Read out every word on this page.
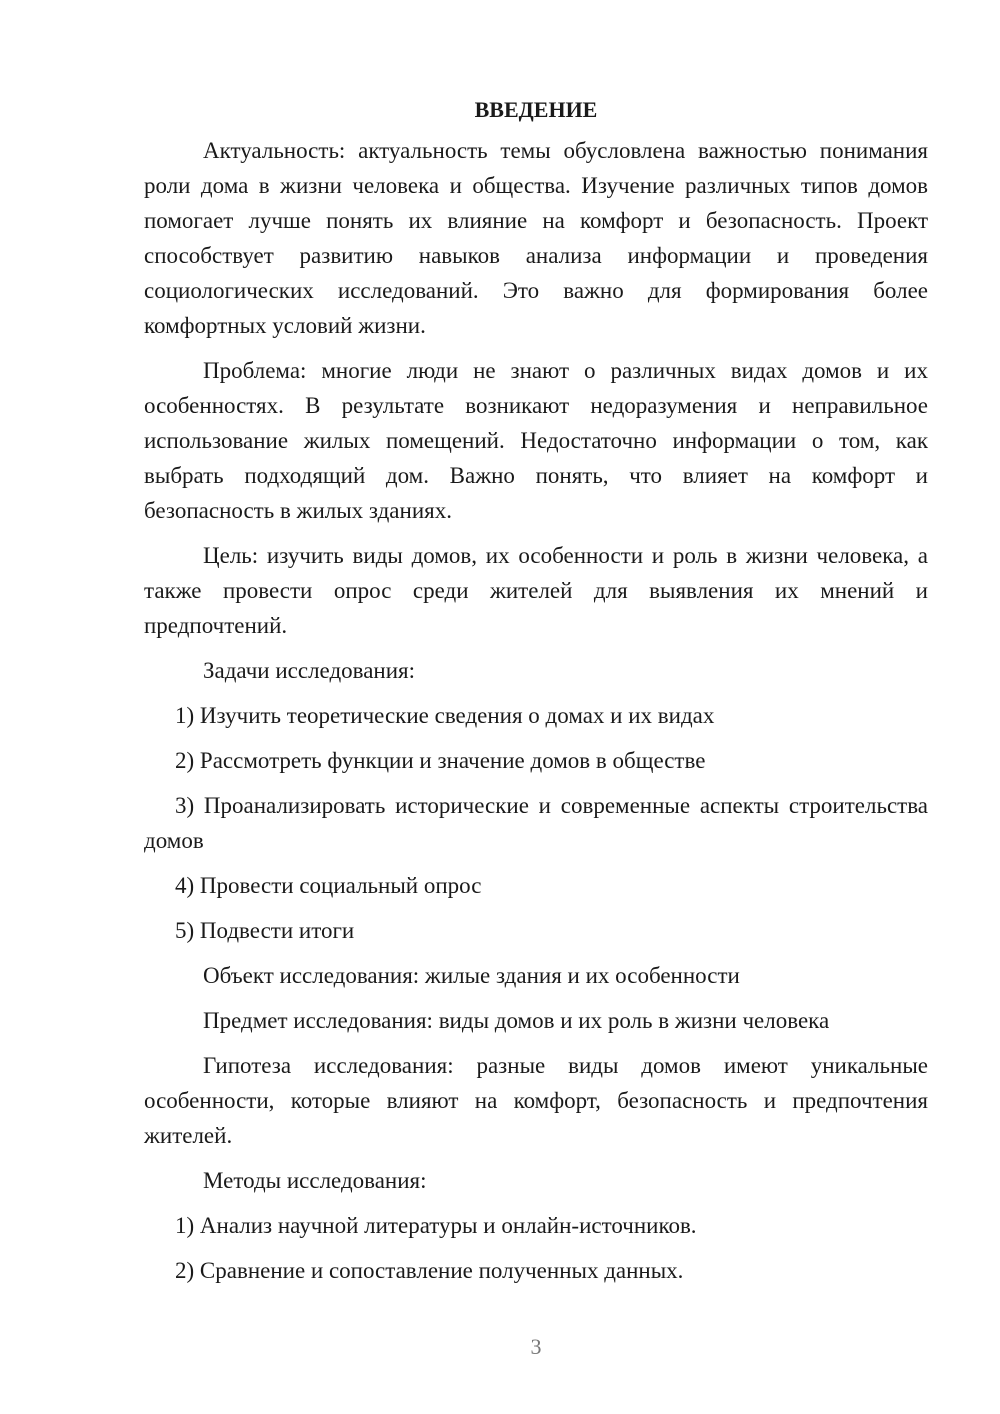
ВВЕДЕНИЕ

Актуальность: актуальность темы обусловлена важностью понимания роли дома в жизни человека и общества. Изучение различных типов домов помогает лучше понять их влияние на комфорт и безопасность. Проект способствует развитию навыков анализа информации и проведения социологических исследований. Это важно для формирования более комфортных условий жизни.

Проблема: многие люди не знают о различных видах домов и их особенностях. В результате возникают недоразумения и неправильное использование жилых помещений. Недостаточно информации о том, как выбрать подходящий дом. Важно понять, что влияет на комфорт и безопасность в жилых зданиях.

Цель: изучить виды домов, их особенности и роль в жизни человека, а также провести опрос среди жителей для выявления их мнений и предпочтений.

Задачи исследования:

1) Изучить теоретические сведения о домах и их видах

2) Рассмотреть функции и значение домов в обществе

3) Проанализировать исторические и современные аспекты строительства домов

4) Провести социальный опрос

5) Подвести итоги

Объект исследования: жилые здания и их особенности

Предмет исследования: виды домов и их роль в жизни человека

Гипотеза исследования: разные виды домов имеют уникальные особенности, которые влияют на комфорт, безопасность и предпочтения жителей.

Методы исследования:

1) Анализ научной литературы и онлайн-источников.

2) Сравнение и сопоставление полученных данных.

3
